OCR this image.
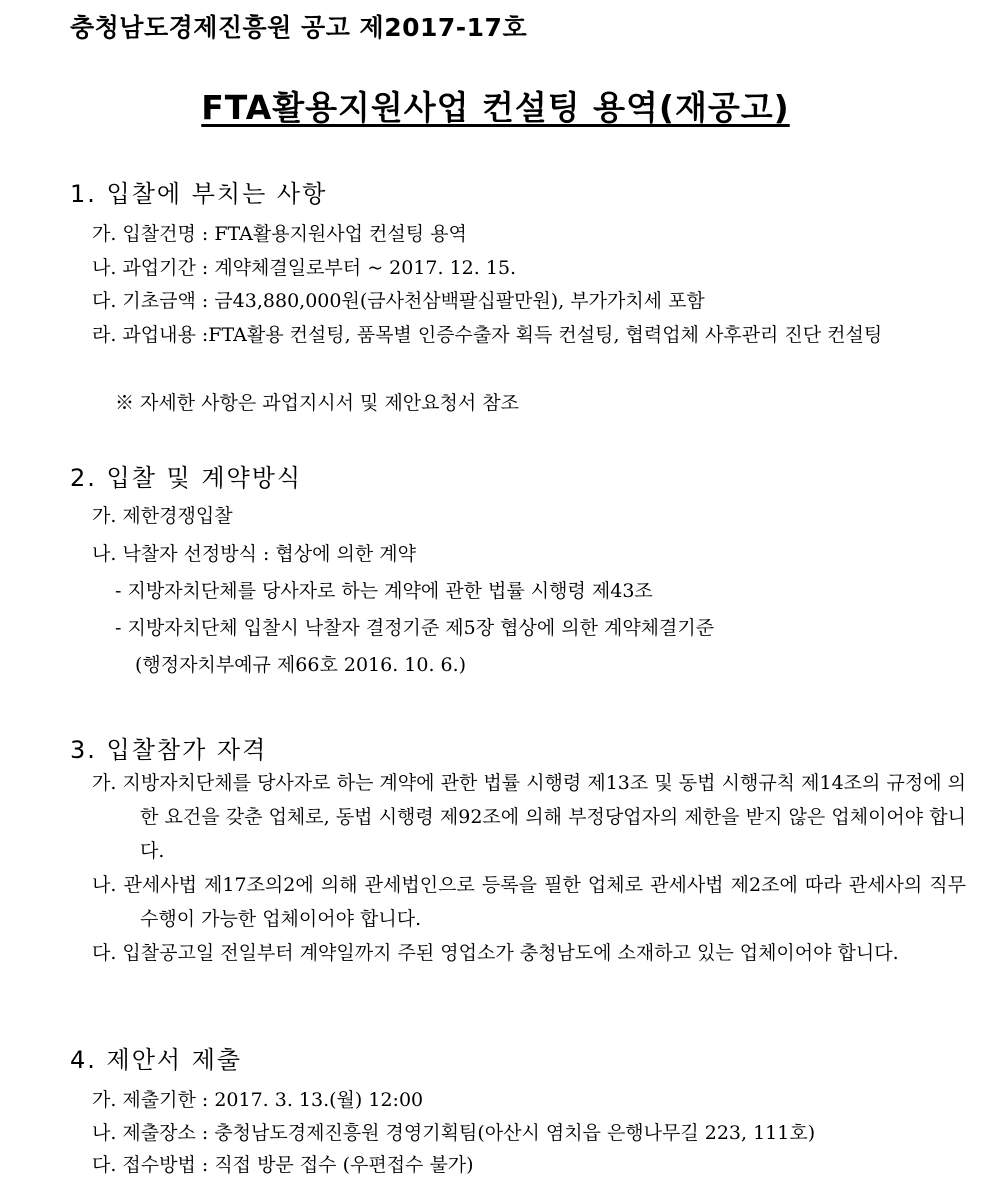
충청남도경제진흥원 공고 제2017-17호
FTA활용지원사업 컨설팅 용역(재공고)
1. 입찰에 부치는 사항
가. 입찰건명 : FTA활용지원사업 컨설팅 용역
나. 과업기간 : 계약체결일로부터 ~ 2017. 12. 15.
다. 기초금액 : 금43,880,000원(금사천삼백팔십팔만원), 부가가치세 포함
라. 과업내용 : FTA활용 컨설팅, 품목별 인증수출자 획득 컨설팅, 협력업체 사후관리 진단 컨설팅
※ 자세한 사항은 과업지시서 및 제안요청서 참조
2. 입찰 및 계약방식
가. 제한경쟁입찰
나. 낙찰자 선정방식 : 협상에 의한 계약
- 지방자치단체를 당사자로 하는 계약에 관한 법률 시행령 제43조
- 지방자치단체 입찰시 낙찰자 결정기준 제5장 협상에 의한 계약체결기준
(행정자치부예규 제66호 2016. 10. 6.)
3. 입찰참가 자격
가. 지방자치단체를 당사자로 하는 계약에 관한 법률 시행령 제13조 및 동법 시행규칙 제14조의 규정에 의한 요건을 갖춘 업체로, 동법 시행령 제92조에 의해 부정당업자의 제한을 받지 않은 업체이어야 합니다.
나. 관세사법 제17조의2에 의해 관세법인으로 등록을 필한 업체로 관세사법 제2조에 따라 관세사의 직무 수행이 가능한 업체이어야 합니다.
다. 입찰공고일 전일부터 계약일까지 주된 영업소가 충청남도에 소재하고 있는 업체이어야 합니다.
4. 제안서 제출
가. 제출기한 : 2017. 3. 13.(월) 12:00
나. 제출장소 : 충청남도경제진흥원 경영기획팀(아산시 염치읍 은행나무길 223, 111호)
다. 접수방법 : 직접 방문 접수 (우편접수 불가)
